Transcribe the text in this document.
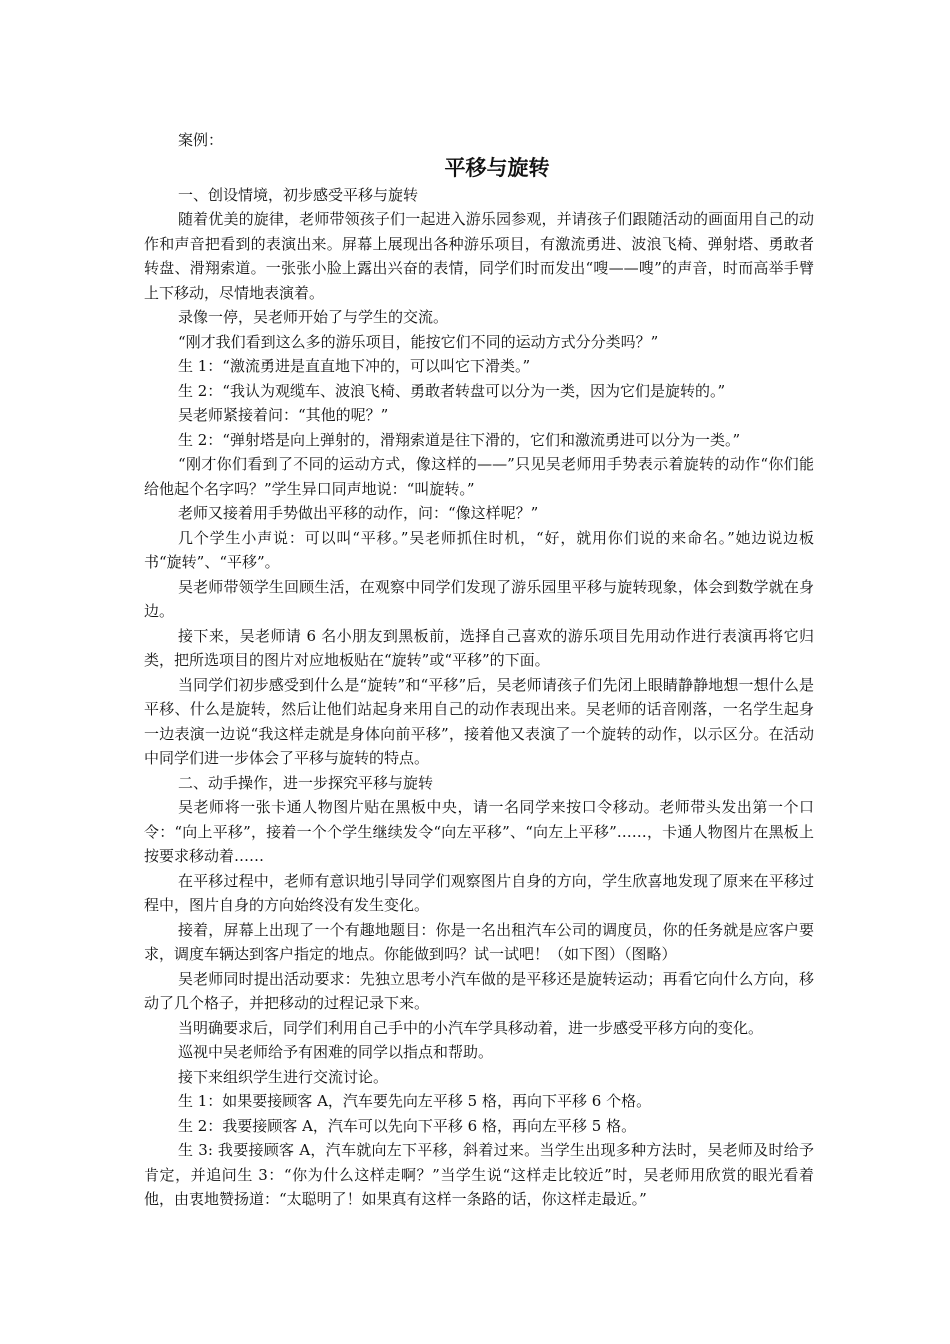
案例：

平移与旋转

一、创设情境，初步感受平移与旋转

随着优美的旋律，老师带领孩子们一起进入游乐园参观，并请孩子们跟随活动的画面用自己的动作和声音把看到的表演出来。屏幕上展现出各种游乐项目，有激流勇进、波浪飞椅、弹射塔、勇敢者转盘、滑翔索道。一张张小脸上露出兴奋的表情，同学们时而发出“嗖——嗖”的声音，时而高举手臂上下移动，尽情地表演着。

录像一停，吴老师开始了与学生的交流。

“刚才我们看到这么多的游乐项目，能按它们不同的运动方式分分类吗？”

生 1：“激流勇进是直直地下冲的，可以叫它下滑类。”

生 2：“我认为观缆车、波浪飞椅、勇敢者转盘可以分为一类，因为它们是旋转的。”

吴老师紧接着问：“其他的呢？”

生 2：“弹射塔是向上弹射的，滑翔索道是往下滑的，它们和激流勇进可以分为一类。”

“刚才你们看到了不同的运动方式，像这样的——”只见吴老师用手势表示着旋转的动作“你们能给他起个名字吗？”学生异口同声地说：“叫旋转。”

老师又接着用手势做出平移的动作，问：“像这样呢？”

几个学生小声说：可以叫“平移。”吴老师抓住时机，“好，就用你们说的来命名。”她边说边板书“旋转”、“平移”。

吴老师带领学生回顾生活，在观察中同学们发现了游乐园里平移与旋转现象，体会到数学就在身边。

接下来，吴老师请 6 名小朋友到黑板前，选择自己喜欢的游乐项目先用动作进行表演再将它归类，把所选项目的图片对应地板贴在“旋转”或“平移”的下面。

当同学们初步感受到什么是“旋转”和“平移”后，吴老师请孩子们先闭上眼睛静静地想一想什么是平移、什么是旋转，然后让他们站起身来用自己的动作表现出来。吴老师的话音刚落，一名学生起身一边表演一边说“我这样走就是身体向前平移”，接着他又表演了一个旋转的动作，以示区分。在活动中同学们进一步体会了平移与旋转的特点。

二、动手操作，进一步探究平移与旋转

吴老师将一张卡通人物图片贴在黑板中央，请一名同学来按口令移动。老师带头发出第一个口令：“向上平移”，接着一个个学生继续发令“向左平移”、“向左上平移”……，卡通人物图片在黑板上按要求移动着……

在平移过程中，老师有意识地引导同学们观察图片自身的方向，学生欣喜地发现了原来在平移过程中，图片自身的方向始终没有发生变化。

接着，屏幕上出现了一个有趣地题目：你是一名出租汽车公司的调度员，你的任务就是应客户要求，调度车辆达到客户指定的地点。你能做到吗？试一试吧！（如下图）（图略）

吴老师同时提出活动要求：先独立思考小汽车做的是平移还是旋转运动；再看它向什么方向，移动了几个格子，并把移动的过程记录下来。

当明确要求后，同学们利用自己手中的小汽车学具移动着，进一步感受平移方向的变化。

巡视中吴老师给予有困难的同学以指点和帮助。

接下来组织学生进行交流讨论。

生 1：如果要接顾客 A，汽车要先向左平移 5 格，再向下平移 6 个格。

生 2：我要接顾客 A，汽车可以先向下平移 6 格，再向左平移 5 格。

生 3: 我要接顾客 A，汽车就向左下平移，斜着过来。当学生出现多种方法时，吴老师及时给予肯定，并追问生 3：“你为什么这样走啊？”当学生说“这样走比较近”时，吴老师用欣赏的眼光看着他，由衷地赞扬道：“太聪明了！如果真有这样一条路的话，你这样走最近。”
